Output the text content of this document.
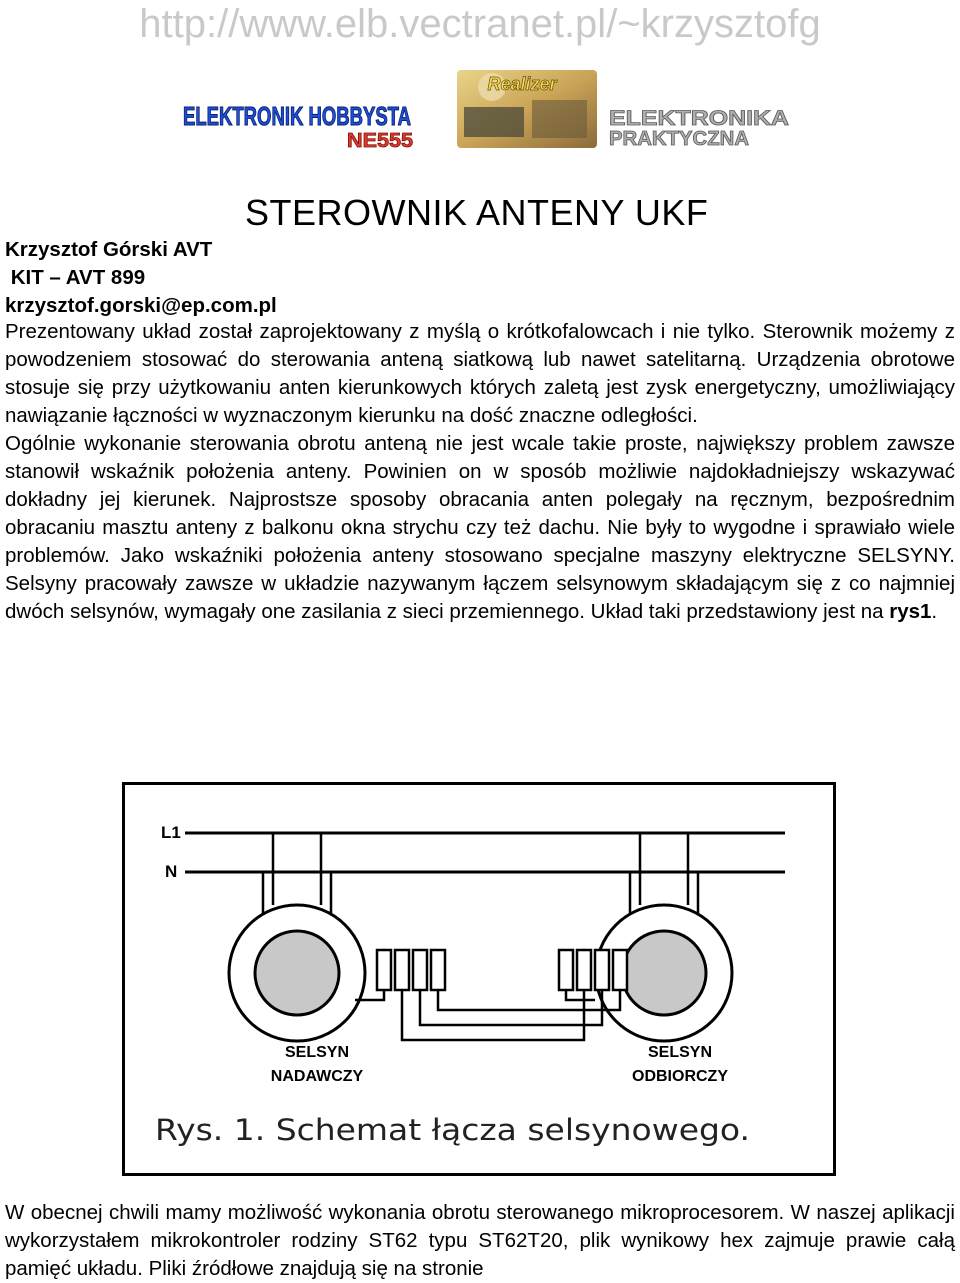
http://www.elb.vectranet.pl/~krzysztofg
ELEKTRONIK HOBBYSTA
NE555
Realizer
ELEKTRONIKA
PRAKTYCZNA
STEROWNIK ANTENY UKF
Krzysztof Górski AVT
KIT – AVT 899
krzysztof.gorski@ep.com.pl

Prezentowany układ został zaprojektowany z myślą o krótkofalowcach i nie tylko. Sterownik możemy z powodzeniem stosować do sterowania anteną siatkową lub nawet satelitarną. Urządzenia obrotowe stosuje się przy użytkowaniu anten kierunkowych których zaletą jest zysk energetyczny, umożliwiający nawiązanie łączności w wyznaczonym kierunku na dość znaczne odległości.

Ogólnie wykonanie sterowania obrotu anteną nie jest wcale takie proste, największy problem zawsze stanowił wskaźnik położenia anteny. Powinien on w sposób możliwie najdokładniejszy wskazywać dokładny jej kierunek. Najprostsze sposoby obracania anten polegały na ręcznym, bezpośrednim obracaniu masztu anteny z balkonu okna strychu czy też dachu. Nie były to wygodne i sprawiało wiele problemów. Jako wskaźniki położenia anteny stosowano specjalne maszyny elektryczne SELSYNY. Selsyny pracowały zawsze w układzie nazywanym łączem selsynowym składającym się z co najmniej dwóch selsynów, wymagały one zasilania z sieci przemiennego. Układ taki przedstawiony jest na rys1.

L1
N
SELSYN
NADAWCZY
SELSYN
ODBIORCZY
Rys. 1. Schemat łącza selsynowego.

W obecnej chwili mamy możliwość wykonania obrotu sterowanego mikroprocesorem. W naszej aplikacji wykorzystałem mikrokontroler rodziny ST62 typu ST62T20, plik wynikowy hex zajmuje prawie całą pamięć układu. Pliki źródłowe znajdują się na stronie
